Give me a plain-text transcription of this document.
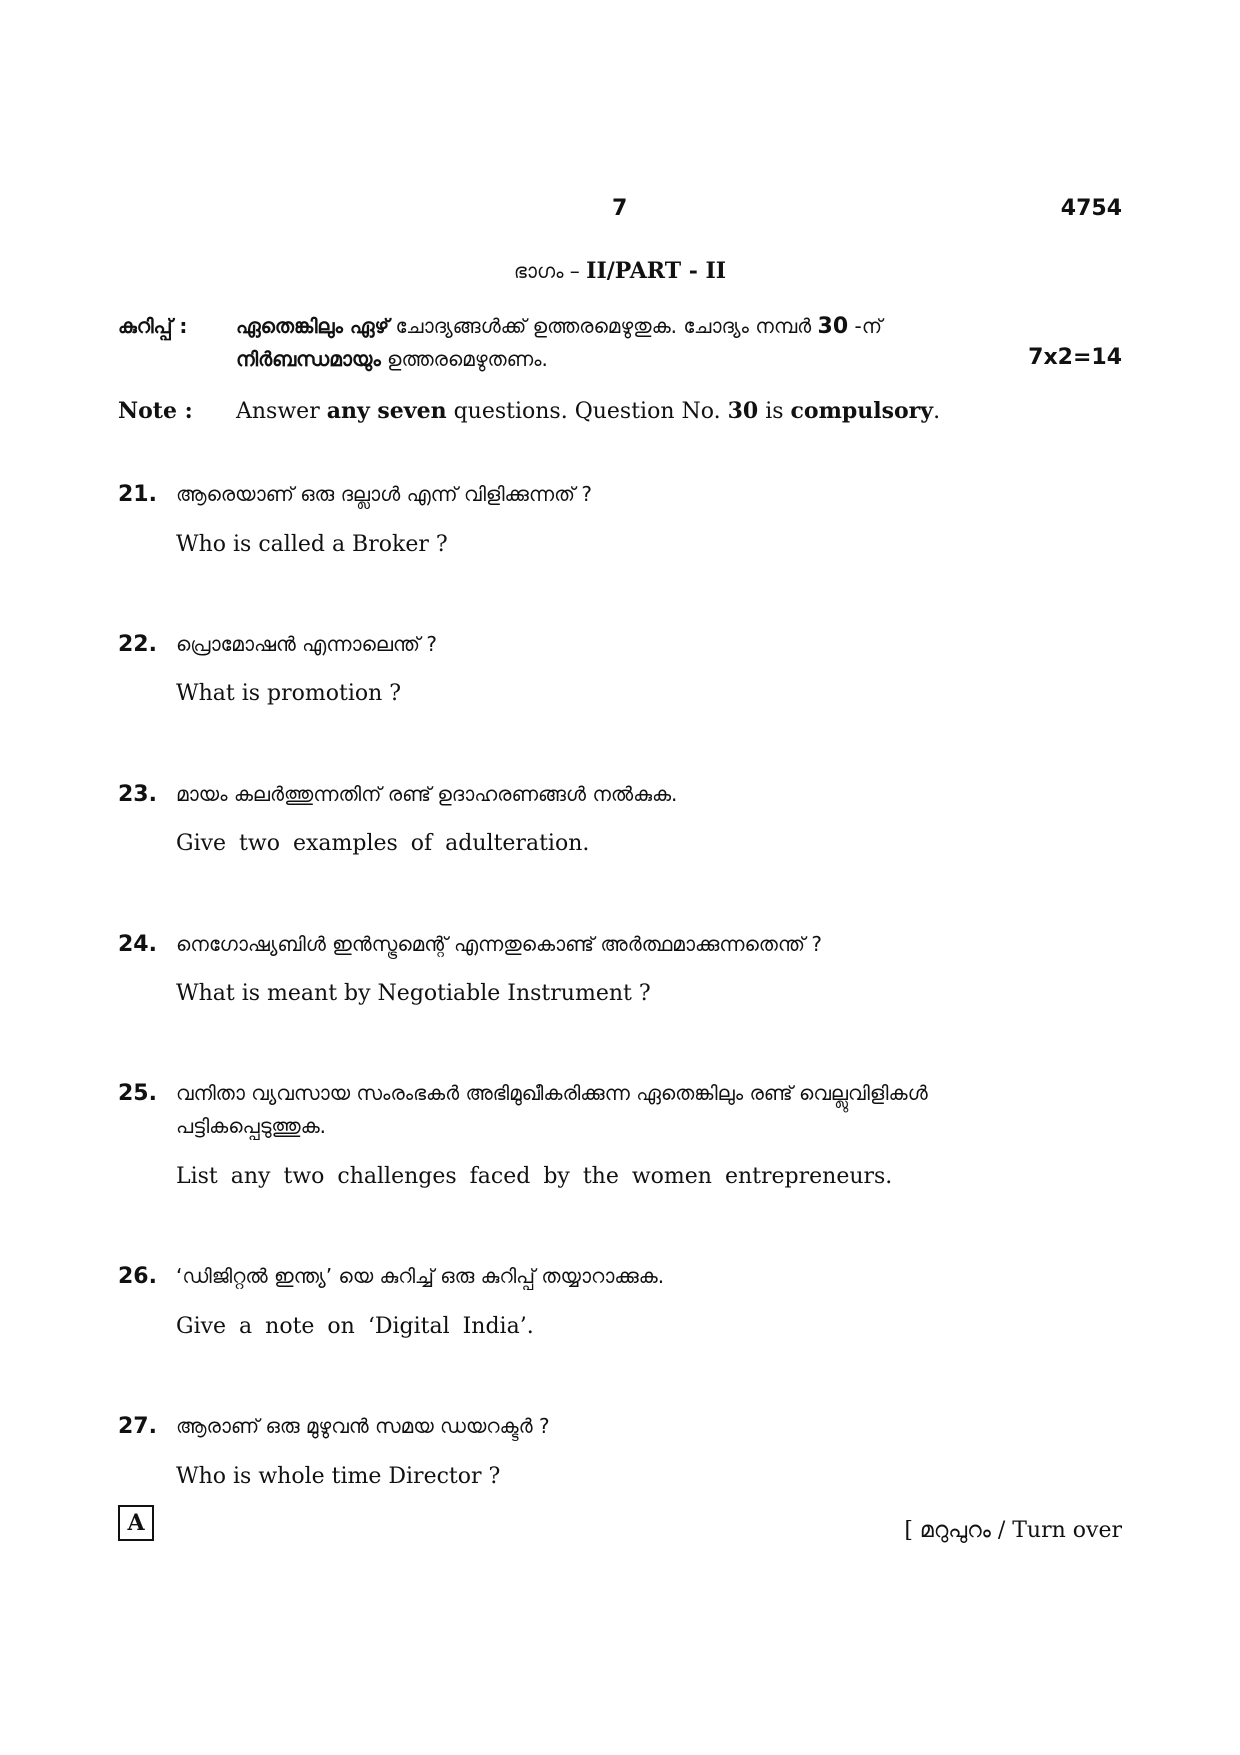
7	4754
ഭാഗം – II/PART - II
കുറിപ്പ് : ഏതെങ്കിലും ഏഴ് ചോദ്യങ്ങൾക്ക് ഉത്തരമെഴുതുക. ചോദ്യം നമ്പർ 30 -ന്
നിർബന്ധമായും ഉത്തരമെഴുതണം.	7x2=14
Note : Answer any seven questions. Question No. 30 is compulsory.
21. ആരെയാണ് ഒരു ദല്ലാൾ എന്ന് വിളിക്കുന്നത് ?
Who is called a Broker ?
22. പ്രൊമോഷൻ എന്നാലെന്ത് ?
What is promotion ?
23. മായം കലർത്തുന്നതിന് രണ്ട് ഉദാഹരണങ്ങൾ നൽകുക.
Give two examples of adulteration.
24. നെഗോഷ്യബിൾ ഇൻസ്ട്രമെന്റ് എന്നതുകൊണ്ട് അർത്ഥമാക്കുന്നതെന്ത് ?
What is meant by Negotiable Instrument ?
25. വനിതാ വ്യവസായ സംരംഭകർ അഭിമുഖീകരിക്കുന്ന ഏതെങ്കിലും രണ്ട് വെല്ലുവിളികൾ
പട്ടികപ്പെടുത്തുക.
List any two challenges faced by the women entrepreneurs.
26. ‘ഡിജിറ്റൽ ഇന്ത്യ’ യെ കുറിച്ച് ഒരു കുറിപ്പ് തയ്യാറാക്കുക.
Give a note on ‘Digital India’.
27. ആരാണ് ഒരു മുഴുവൻ സമയ ഡയറക്ടർ ?
Who is whole time Director ?
A	[ മറുപുറം / Turn over
